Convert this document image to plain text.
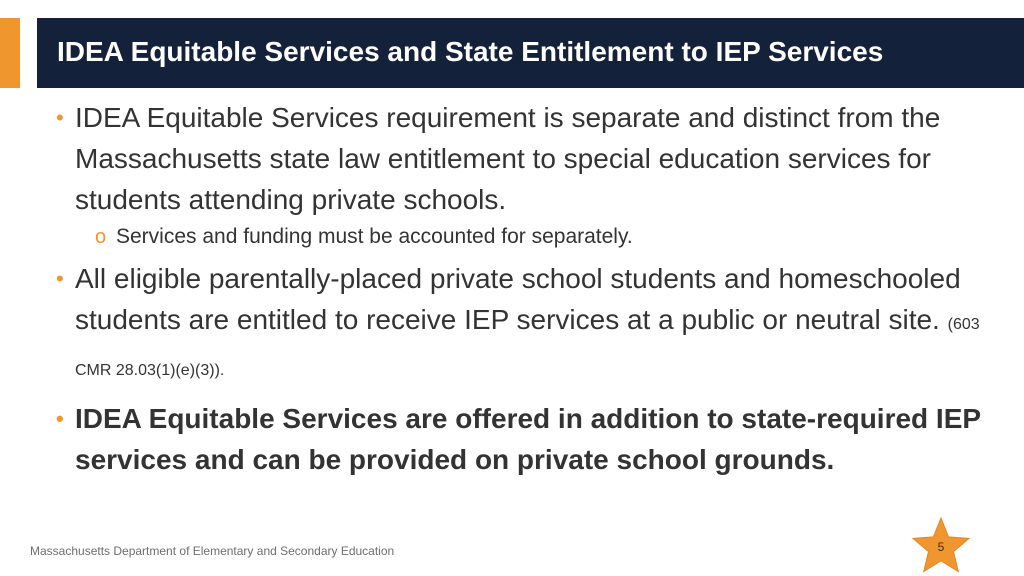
IDEA Equitable Services and State Entitlement to IEP Services
• IDEA Equitable Services requirement is separate and distinct from the Massachusetts state law entitlement to special education services for students attending private schools.
o Services and funding must be accounted for separately.
• All eligible parentally-placed private school students and homeschooled students are entitled to receive IEP services at a public or neutral site. (603 CMR 28.03(1)(e)(3)).
• IDEA Equitable Services are offered in addition to state-required IEP services and can be provided on private school grounds.
Massachusetts Department of Elementary and Secondary Education	5
